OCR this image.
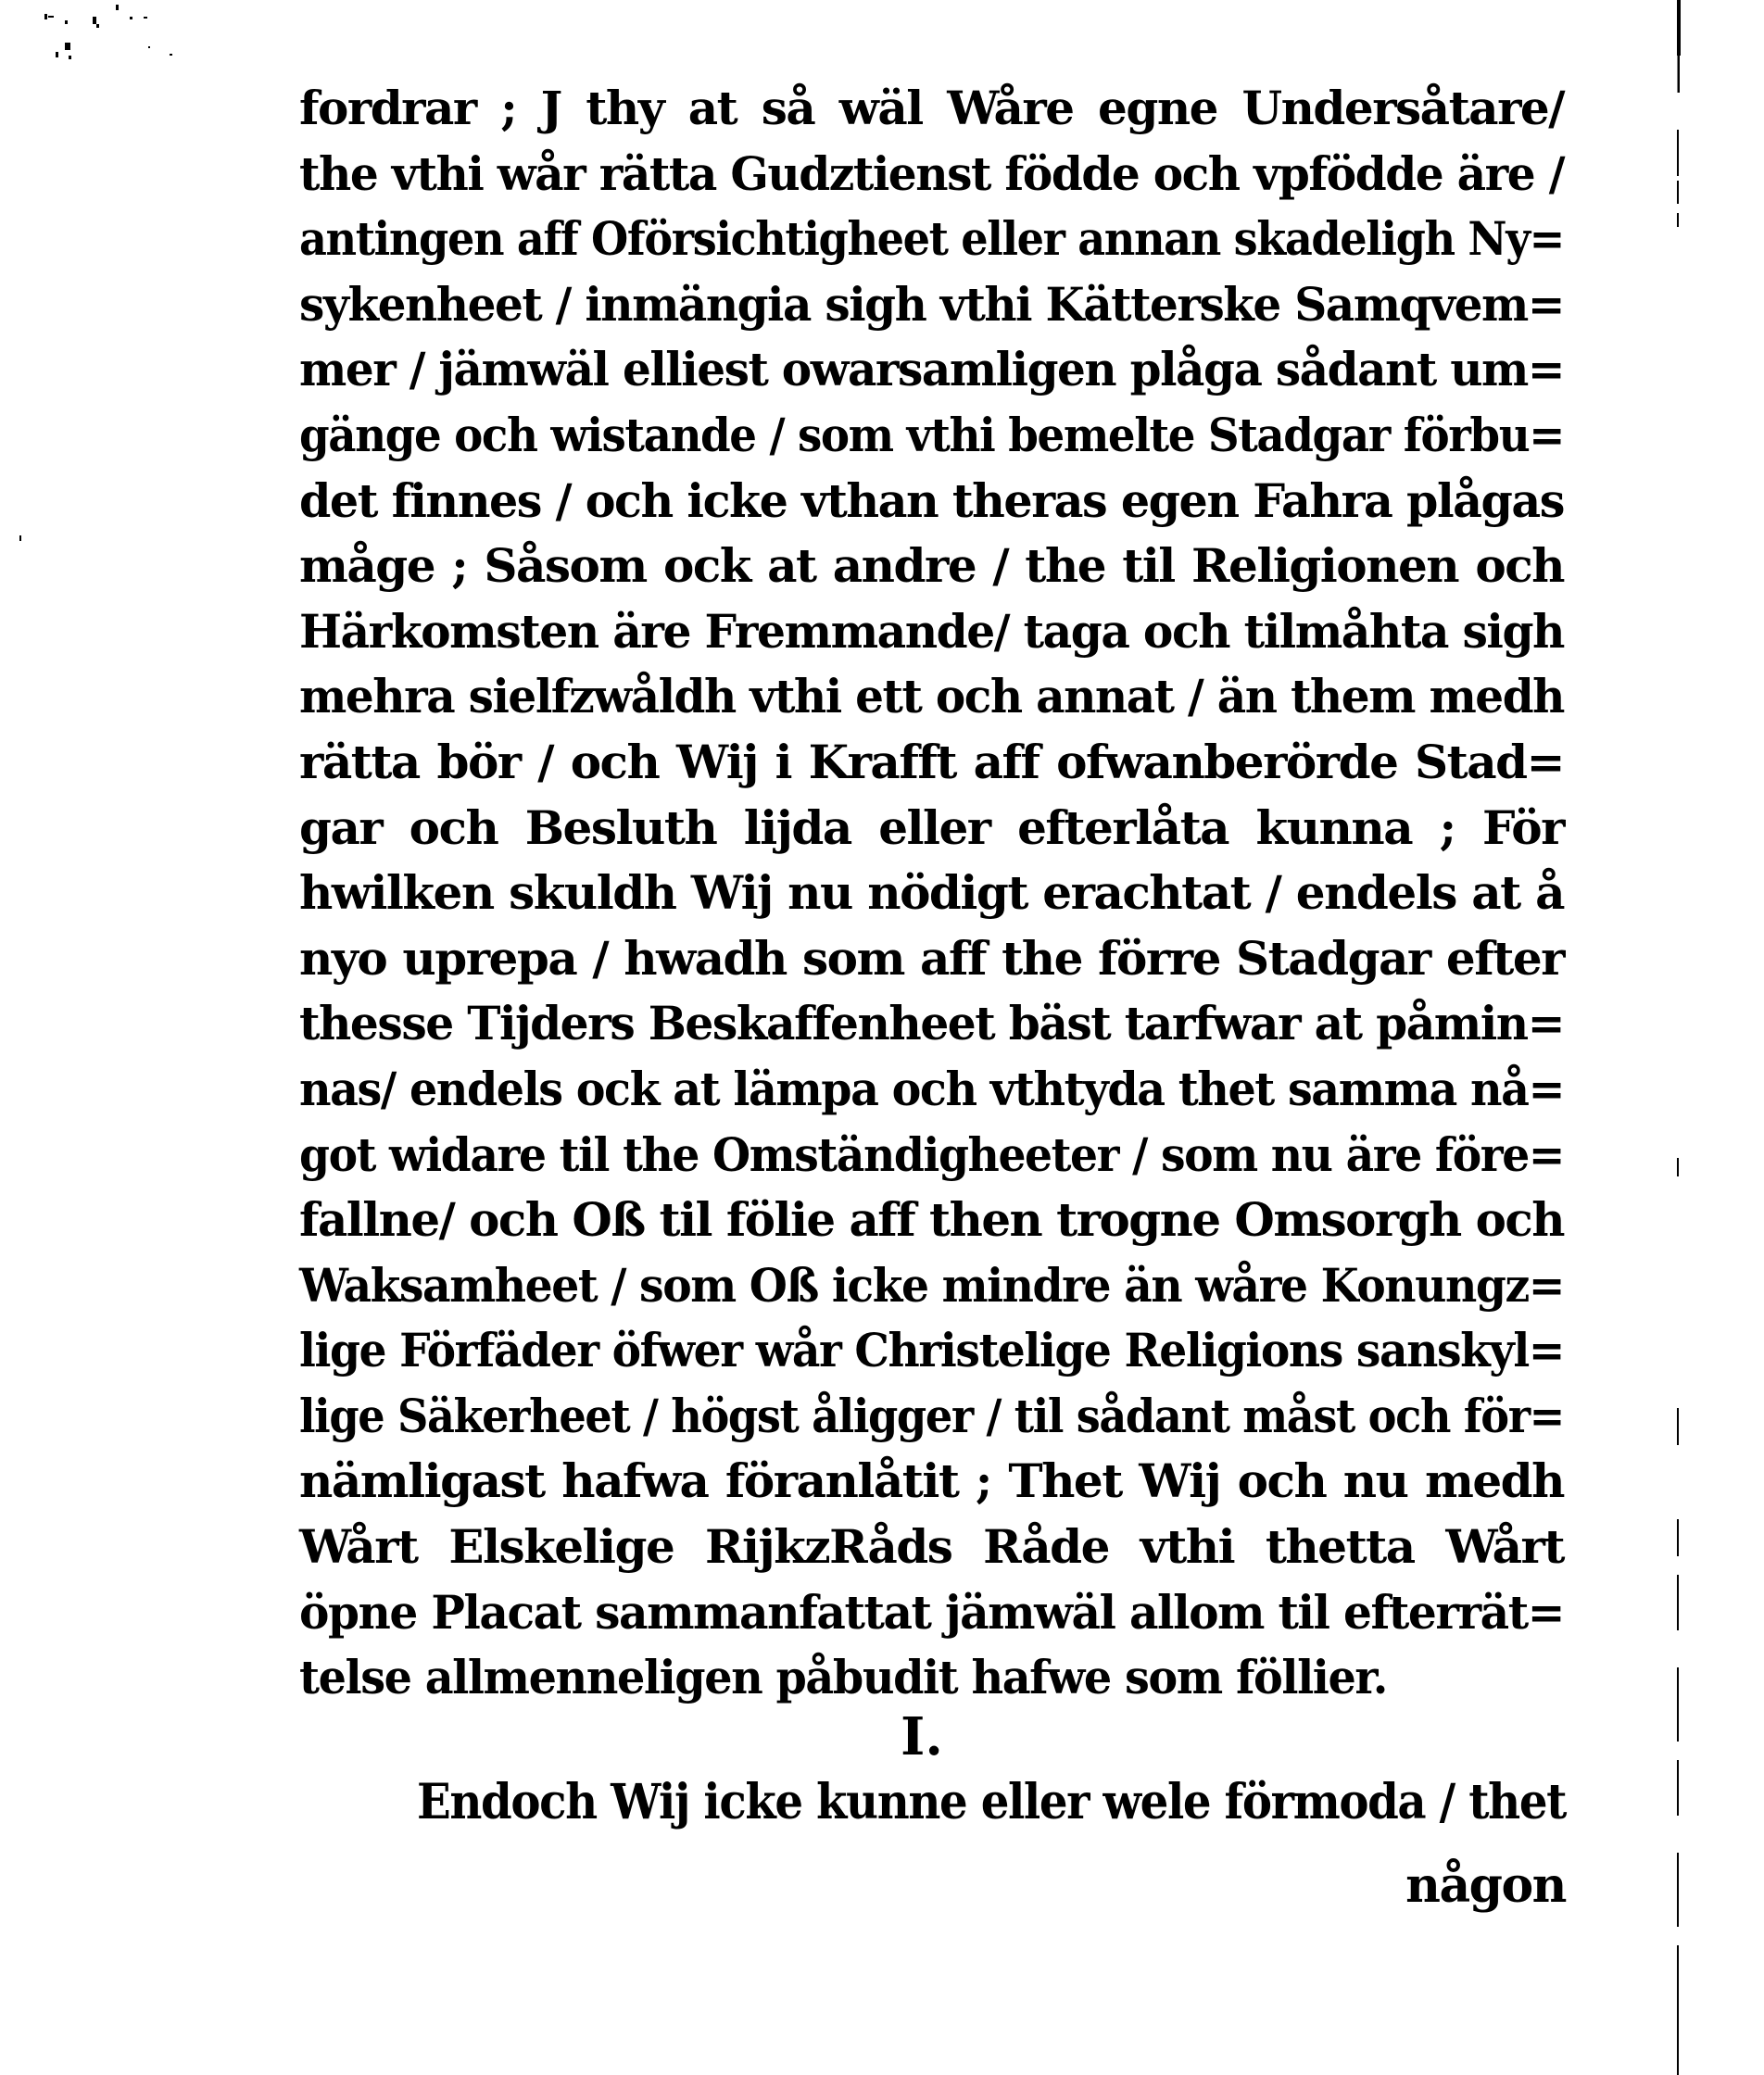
fordrar ; J thy at så wäl Wåre egne Undersåtare/
the vthi wår rätta Gudztienst födde och vpfödde äre /
antingen aff Oförsichtigheet eller annan skadeligh Ny=
sykenheet / inmängia sigh vthi Kätterske Samqvem=
mer / jämwäl elliest owarsamligen plåga sådant um=
gänge och wistande / som vthi bemelte Stadgar förbu=
det finnes / och icke vthan theras egen Fahra plågas
måge ; Såsom ock at andre / the til Religionen och
Härkomsten äre Fremmande/ taga och tilmåhta sigh
mehra sielfzwåldh vthi ett och annat / än them medh
rätta bör / och Wij i Krafft aff ofwanberörde Stad=
gar och Besluth lijda eller efterlåta kunna ; För
hwilken skuldh Wij nu nödigt erachtat / endels at å
nyo uprepa / hwadh som aff the förre Stadgar efter
thesse Tijders Beskaffenheet bäst tarfwar at påmin=
nas/ endels ock at lämpa och vthtyda thet samma nå=
got widare til the Omständigheeter / som nu äre före=
fallne/ och Oß til fölie aff then trogne Omsorgh och
Waksamheet / som Oß icke mindre än wåre Konungz=
lige Förfäder öfwer wår Christelige Religions sanskyl=
lige Säkerheet / högst åligger / til sådant måst och för=
nämligast hafwa föranlåtit ; Thet Wij och nu medh
Wårt Elskelige RijkzRåds Råde vthi thetta Wårt
öpne Placat sammanfattat jämwäl allom til efterrät=
telse allmenneligen påbudit hafwe som föllier.
I.
Endoch Wij icke kunne eller wele förmoda / thet
någon
